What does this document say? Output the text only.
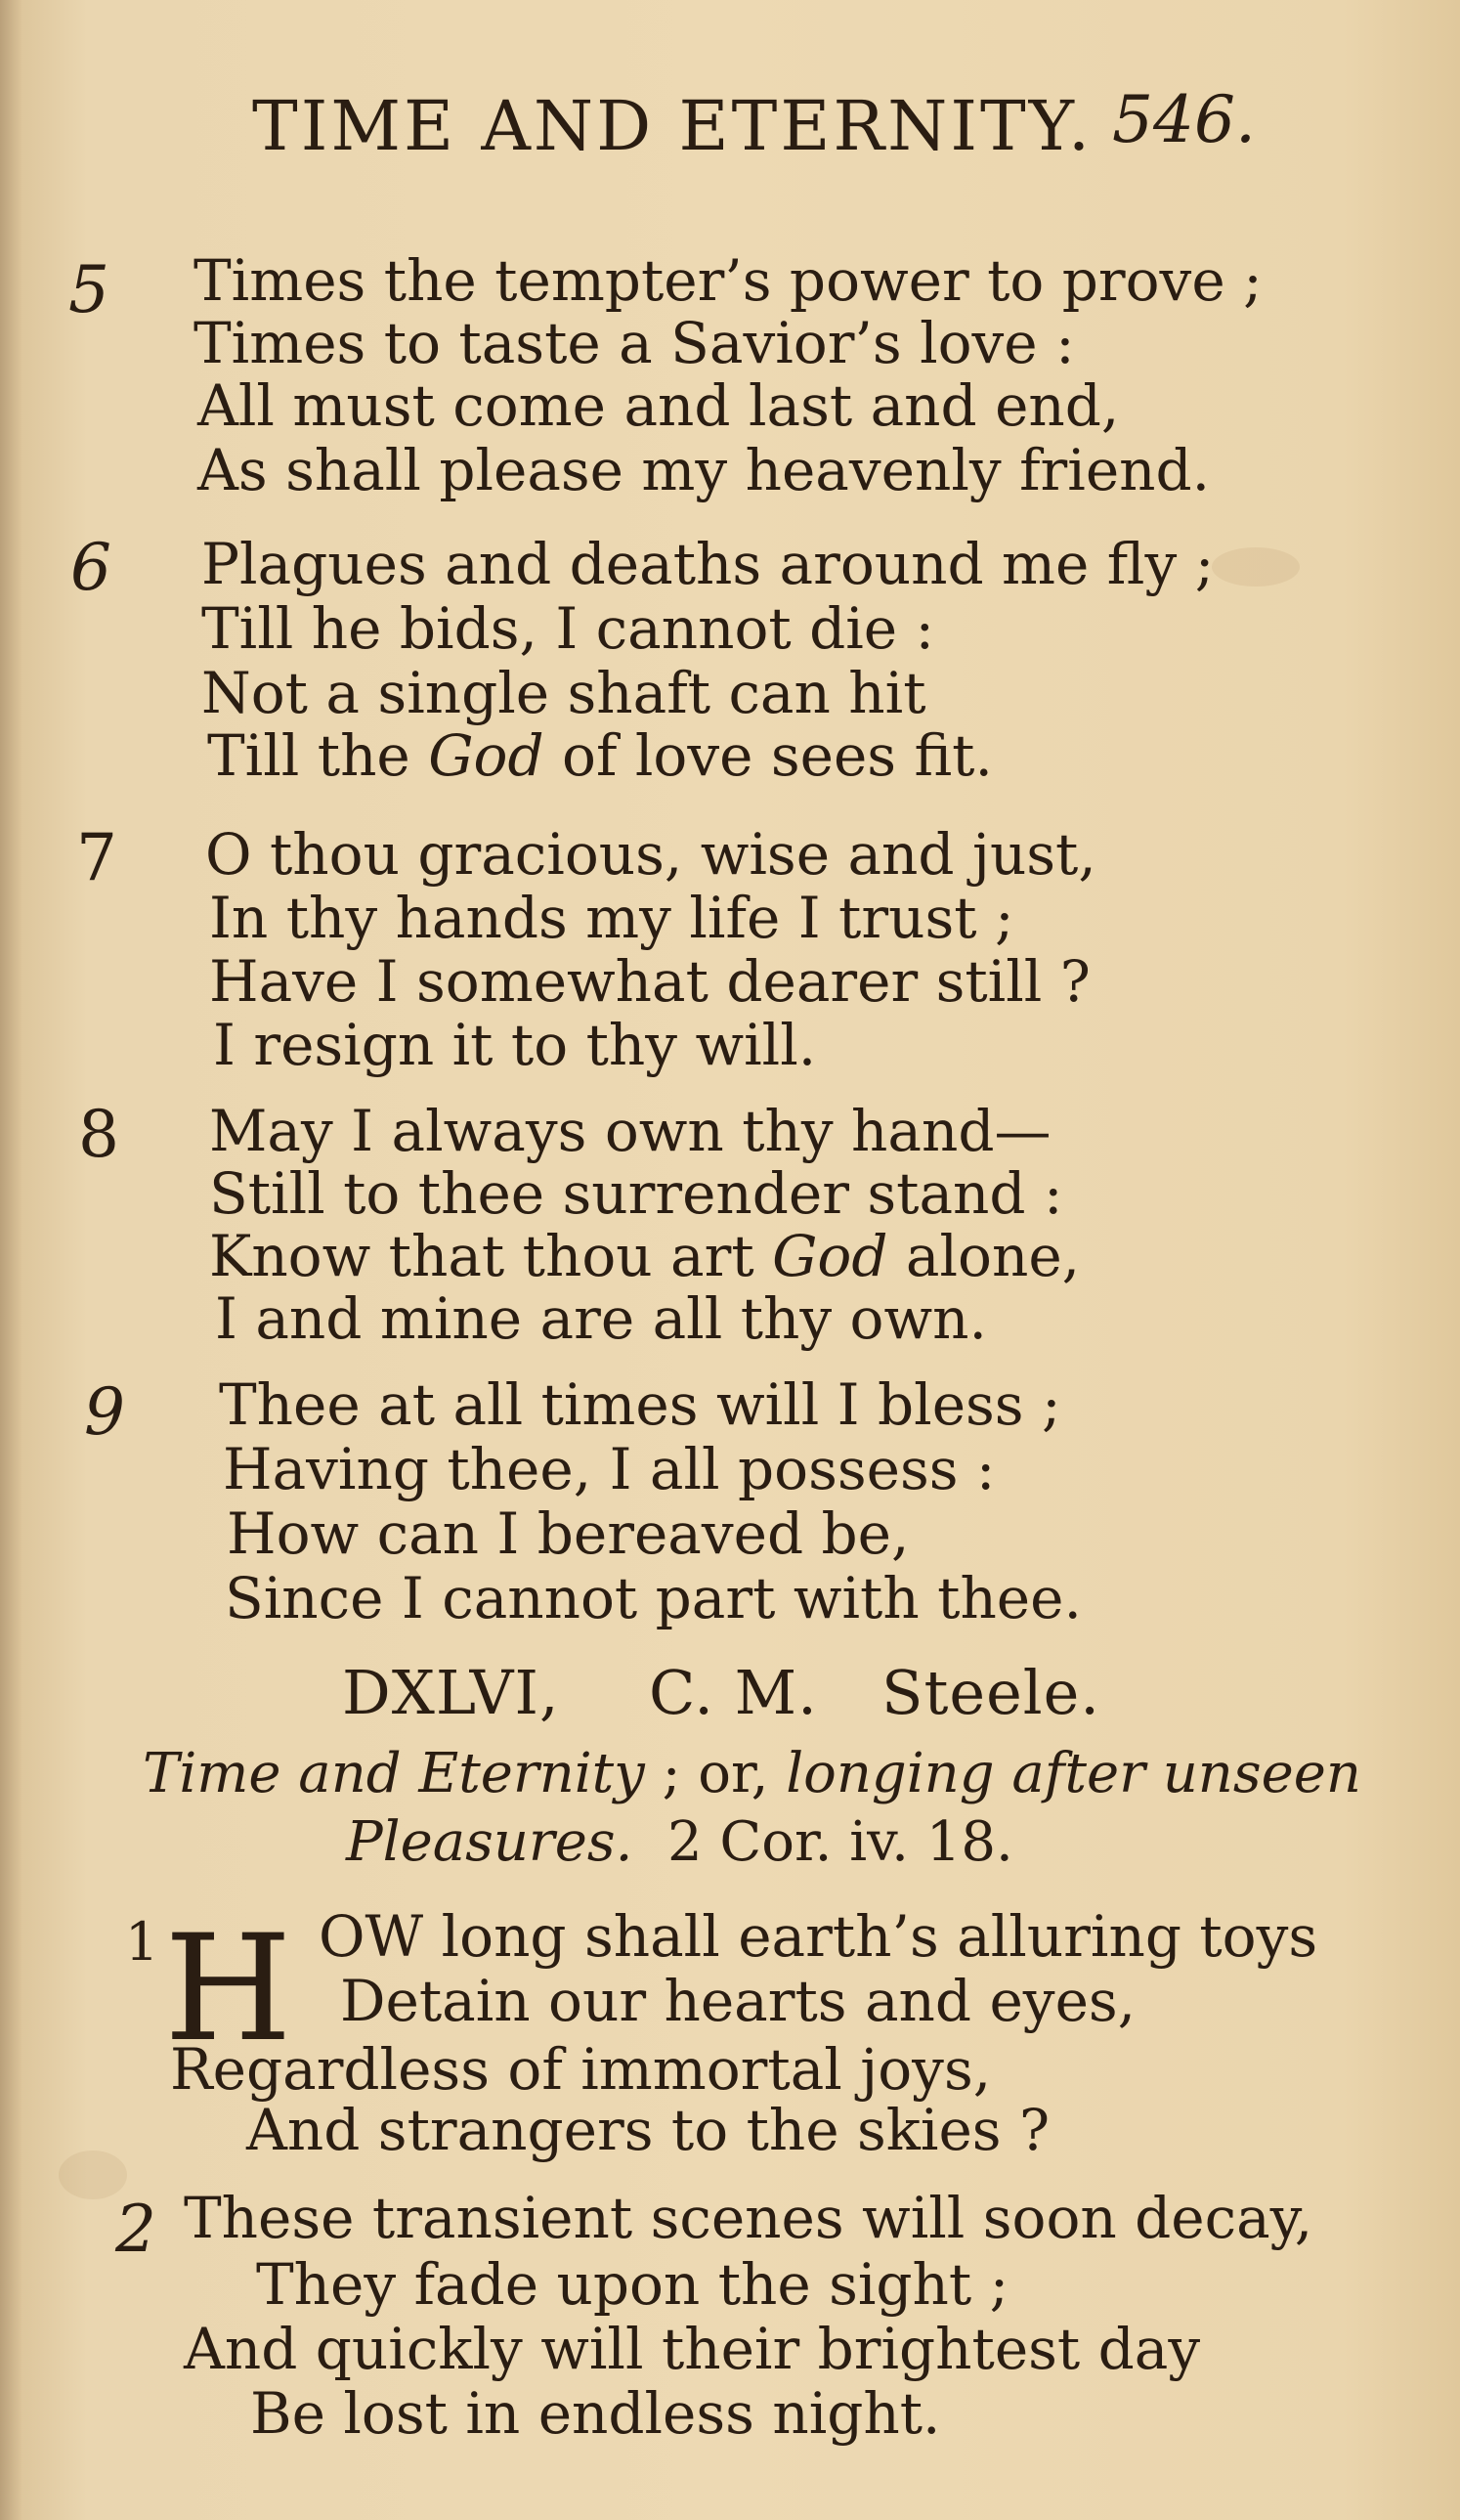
TIME AND ETERNITY. 546.
5 Times the tempter’s power to prove ;
Times to taste a Savior’s love :
All must come and last and end,
As shall please my heavenly friend.
6 Plagues and deaths around me fly ;
Till he bids, I cannot die :
Not a single shaft can hit
Till the God of love sees fit.
7 O thou gracious, wise and just,
In thy hands my life I trust ;
Have I somewhat dearer still ?
I resign it to thy will.
8 May I always own thy hand—
Still to thee surrender stand :
Know that thou art God alone,
I and mine are all thy own.
9 Thee at all times will I bless ;
Having thee, I all possess :
How can I bereaved be,
Since I cannot part with thee.
DXLVI, C. M. Steele.
Time and Eternity ; or, longing after unseen
Pleasures. 2 Cor. iv. 18.
1 H OW long shall earth’s alluring toys
Detain our hearts and eyes,
Regardless of immortal joys,
And strangers to the skies ?
2 These transient scenes will soon decay,
They fade upon the sight ;
And quickly will their brightest day
Be lost in endless night.
